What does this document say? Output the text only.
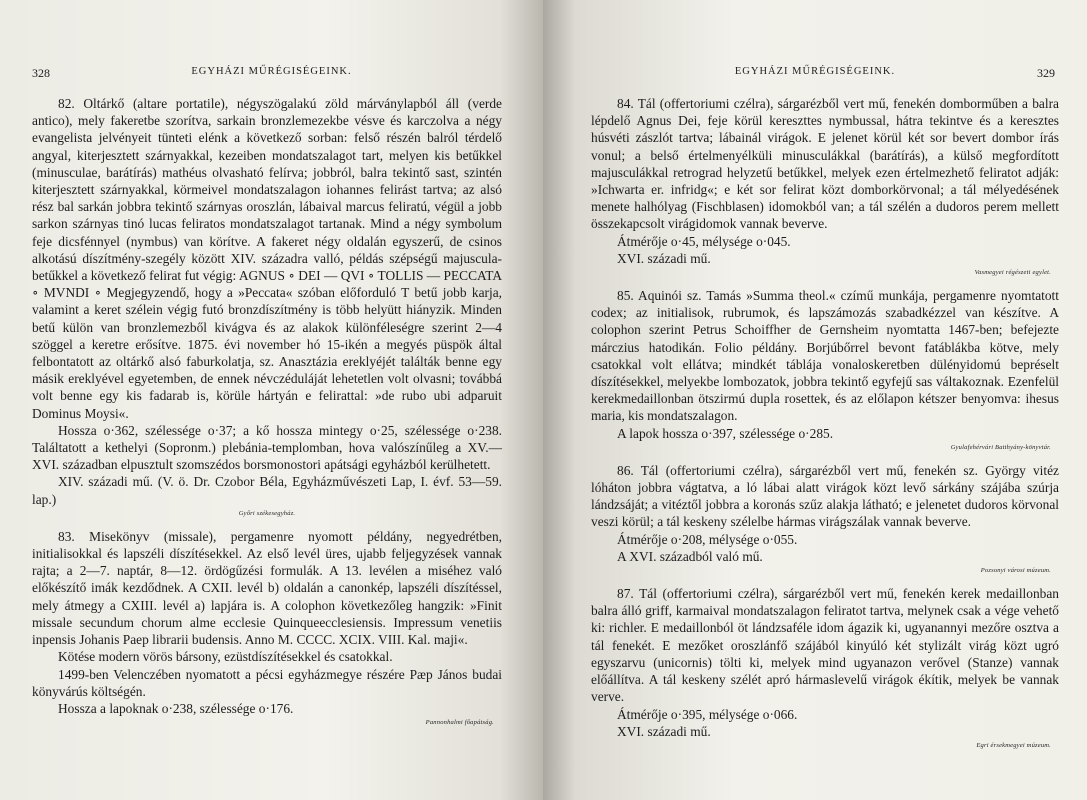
328	EGYHÁZI MŰRÉGISÉGEINK.

82. Oltárkő (altare portatile), négyszögalakú zöld márványlapból áll (verde antico), mely fakeretbe szorítva, sarkain bronzlemezekbe vésve és karczolva a négy evangelista jelvényeit tünteti elénk a következő sorban: felső részén balról térdelő angyal, kiterjesztett szárnyakkal, kezeiben mondatszalagot tart, melyen kis betűkkel (minusculae, barátírás) mathéus olvasható felírva; jobbról, balra tekintő sast, szintén kiterjesztett szárnyakkal, körmeivel mondatszalagon iohannes felirást tartva; az alsó rész bal sarkán jobbra tekintő szárnyas oroszlán, lábaival marcus feliratú, végül a jobb sarkon szárnyas tinó lucas feliratos mondatszalagot tartanak. Mind a négy symbolum feje dicsfénnyel (nymbus) van körítve. A fakeret négy oldalán egyszerű, de csinos alkotású díszítmény-szegély között XIV. századra valló, példás szépségű majuscula-betűkkel a következő felirat fut végig: AGNUS ∘ DEI — QVI ∘ TOLLIS — PECCATA ∘ MVNDI ∘ Megjegyzendő, hogy a »Peccata« szóban előforduló T betű jobb karja, valamint a keret szélein végig futó bronzdíszítmény is több helyütt hiányzik. Minden betű külön van bronzlemezből kivágva és az alakok különféleségre szerint 2—4 szöggel a keretre erősítve. 1875. évi november hó 15-ikén a megyés püspök által felbontatott az oltárkő alsó faburkolatja, sz. Anasztázia ereklyéjét találták benne egy másik ereklyével egyetemben, de ennek névczéduláját lehetetlen volt olvasni; továbbá volt benne egy kis fadarab is, körüle hártyán e felirattal: »de rubo ubi adparuit Dominus Moysi«.

Hossza o·362, szélessége o·37; a kő hossza mintegy o·25, szélessége o·238. Találtatott a kethelyi (Sopronm.) plebánia-templomban, hova valószínűleg a XV.—XVI. században elpusztult szomszédos borsmonostori apátsági egyházból kerülhetett.

XIV. századi mű. (V. ö. Dr. Czobor Béla, Egyházművészeti Lap, I. évf. 53—59. lap.)

Győri székesegyház.

83. Misekönyv (missale), pergamenre nyomott példány, negyedrétben, initialisokkal és lapszéli díszítésekkel. Az első levél üres, ujabb feljegyzések vannak rajta; a 2—7. naptár, 8—12. ördögűzési formulák. A 13. levélen a miséhez való előkészítő imák kezdődnek. A CXII. levél b) oldalán a canonkép, lapszéli díszítéssel, mely átmegy a CXIII. levél a) lapjára is. A colophon következőleg hangzik: »Finit missale secundum chorum alme ecclesie Quinqueecclesiensis. Impressum venetiis inpensis Johanis Paep librarii budensis. Anno M. CCCC. XCIX. VIII. Kal. maji«.

Kötése modern vörös bársony, ezüstdíszítésekkel és csatokkal.

1499-ben Velenczében nyomatott a pécsi egyházmegye részére Pæp János budai könyvárús költségén.

Hossza a lapoknak o·238, szélessége o·176.

Pannonhalmi főapátság.
EGYHÁZI MŰRÉGISÉGEINK.	329

84. Tál (offertoriumi czélra), sárgarézből vert mű, fenekén domborműben a balra lépdelő Agnus Dei, feje körül kereszttes nymbussal, hátra tekintve és a keresztes húsvéti zászlót tartva; lábainál virágok. E jelenet körül két sor bevert dombor írás vonul; a belső értelmenyélküli minusculákkal (barátírás), a külső megfordított majusculákkal retrograd helyzetű betűkkel, melyek ezen értelmezhető feliratot adják: »Ichwarta er. infridg«; e két sor felirat közt domborkörvonal; a tál mélyedésének menete halhólyag (Fischblasen) idomokból van; a tál szélén a dudoros perem mellett összekapcsolt virágidomok vannak beverve.

Átmérője o·45, mélysége o·045.

XVI. századi mű.

Vasmegyei régészeti egylet.

85. Aquinói sz. Tamás »Summa theol.« czímű munkája, pergamenre nyomtatott codex; az initialisok, rubrumok, és lapszámozás szabadkézzel van készítve. A colophon szerint Petrus Schoiffher de Gernsheim nyomtatta 1467-ben; befejezte márczius hatodikán. Folio példány. Borjúbőrrel bevont fatáblákba kötve, mely csatokkal volt ellátva; mindkét táblája vonaloskeretben dülényidomú bepréselt díszítésekkel, melyekbe lombozatok, jobbra tekintő egyfejű sas váltakoznak. Ezenfelül kerekmedaillonban ötszirmú dupla rosettek, és az előlapon kétszer benyomva: ihesus maria, kis mondatszalagon.

A lapok hossza o·397, szélessége o·285.

Gyulafehérvári Batthyány-könyvtár.

86. Tál (offertoriumi czélra), sárgarézből vert mű, fenekén sz. György vitéz lóháton jobbra vágtatva, a ló lábai alatt virágok közt levő sárkány szájába szúrja lándzsáját; a vitéztől jobbra a koronás szűz alakja látható; e jelenetet dudoros körvonal veszi körül; a tál keskeny szélelbe hármas virágszálak vannak beverve.

Átmérője o·208, mélysége o·055.

A XVI. századból való mű.

Pozsonyi városi múzeum.

87. Tál (offertoriumi czélra), sárgarézből vert mű, fenekén kerek medaillonban balra álló griff, karmaival mondatszalagon feliratot tartva, melynek csak a vége vehető ki: richler. E medaillonból öt lándzsaféle idom ágazik ki, ugyanannyi mezőre osztva a tál fenekét. E mezőket oroszlánfő szájából kinyúló két stylizált virág közt ugró egyszarvu (unicornis) tölti ki, melyek mind ugyanazon verővel (Stanze) vannak előállítva. A tál keskeny szélét apró hármaslevelű virágok ékítik, melyek be vannak verve.

Átmérője o·395, mélysége o·066.

XVI. századi mű.

Egri érsekmegyei múzeum.
